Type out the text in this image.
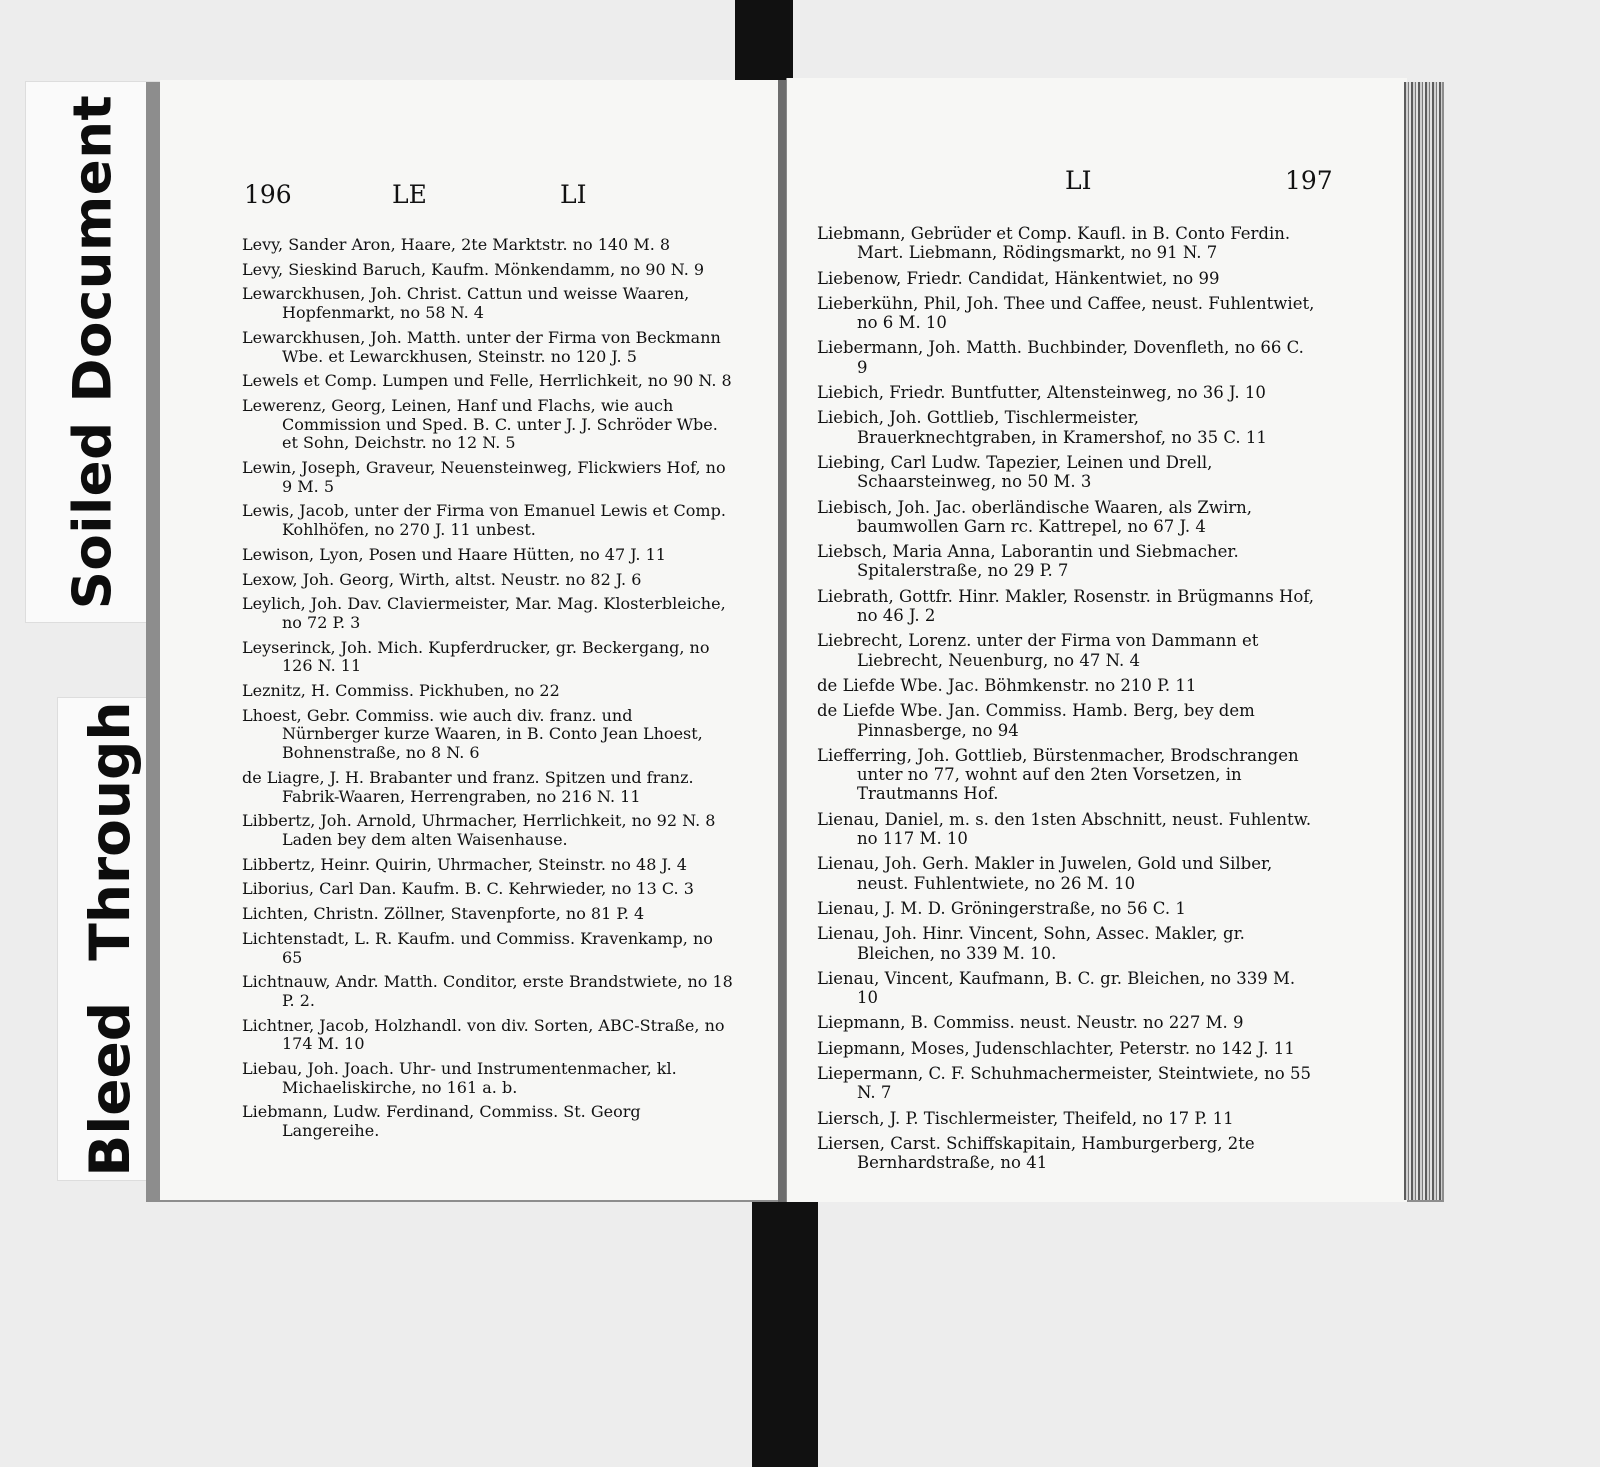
Soiled Document
Bleed Through
196	LE	LI
Levy, Sander Aron, Haare, 2te Marktstr. no 140 M. 8
Levy, Sieskind Baruch, Kaufm. Mönkendamm, no 90 N. 9
Lewarckhusen, Joh. Christ. Cattun und weisse Waaren, Hopfenmarkt, no 58 N. 4
Lewarckhusen, Joh. Matth. unter der Firma von Beckmann Wbe. et Lewarckhusen, Steinstr. no 120 J. 5
Lewels et Comp. Lumpen und Felle, Herrlichkeit, no 90 N. 8
Lewerenz, Georg, Leinen, Hanf und Flachs, wie auch Commission und Sped. B. C. unter J. J. Schröder Wbe. et Sohn, Deichstr. no 12 N. 5
Lewin, Joseph, Graveur, Neuensteinweg, Flickwiers Hof, no 9 M. 5
Lewis, Jacob, unter der Firma von Emanuel Lewis et Comp. Kohlhöfen, no 270 J. 11 unbest.
Lewison, Lyon, Posen und Haare Hütten, no 47 J. 11
Lexow, Joh. Georg, Wirth, altst. Neustr. no 82 J. 6
Leylich, Joh. Dav. Claviermeister, Mar. Mag. Klosterbleiche, no 72 P. 3
Leyserinck, Joh. Mich. Kupferdrucker, gr. Beckergang, no 126 N. 11
Leznitz, H. Commiss. Pickhuben, no 22
Lhoest, Gebr. Commiss. wie auch div. franz. und Nürnberger kurze Waaren, in B. Conto Jean Lhoest, Bohnenstraße, no 8 N. 6
de Liagre, J. H. Brabanter und franz. Spitzen und franz. Fabrik-Waaren, Herrengraben, no 216 N. 11
Libbertz, Joh. Arnold, Uhrmacher, Herrlichkeit, no 92 N. 8 Laden bey dem alten Waisenhause.
Libbertz, Heinr. Quirin, Uhrmacher, Steinstr. no 48 J. 4
Liborius, Carl Dan. Kaufm. B. C. Kehrwieder, no 13 C. 3
Lichten, Christn. Zöllner, Stavenpforte, no 81 P. 4
Lichtenstadt, L. R. Kaufm. und Commiss. Kravenkamp, no 65
Lichtnauw, Andr. Matth. Conditor, erste Brandstwiete, no 18 P. 2.
Lichtner, Jacob, Holzhandl. von div. Sorten, ABC-Straße, no 174 M. 10
Liebau, Joh. Joach. Uhr- und Instrumentenmacher, kl. Michaeliskirche, no 161 a. b.
Liebmann, Ludw. Ferdinand, Commiss. St. Georg Langereihe.
LI	197
Liebmann, Gebrüder et Comp. Kaufl. in B. Conto Ferdin. Mart. Liebmann, Rödingsmarkt, no 91 N. 7
Liebenow, Friedr. Candidat, Hänkentwiet, no 99
Lieberkühn, Phil, Joh. Thee und Caffee, neust. Fuhlentwiet, no 6 M. 10
Liebermann, Joh. Matth. Buchbinder, Dovenfleth, no 66 C. 9
Liebich, Friedr. Buntfutter, Altensteinweg, no 36 J. 10
Liebich, Joh. Gottlieb, Tischlermeister, Brauerknechtgraben, in Kramershof, no 35 C. 11
Liebing, Carl Ludw. Tapezier, Leinen und Drell, Schaarsteinweg, no 50 M. 3
Liebisch, Joh. Jac. oberländische Waaren, als Zwirn, baumwollen Garn rc. Kattrepel, no 67 J. 4
Liebsch, Maria Anna, Laborantin und Siebmacher. Spitalerstraße, no 29 P. 7
Liebrath, Gottfr. Hinr. Makler, Rosenstr. in Brügmanns Hof, no 46 J. 2
Liebrecht, Lorenz. unter der Firma von Dammann et Liebrecht, Neuenburg, no 47 N. 4
de Liefde Wbe. Jac. Böhmkenstr. no 210 P. 11
de Liefde Wbe. Jan. Commiss. Hamb. Berg, bey dem Pinnasberge, no 94
Liefferring, Joh. Gottlieb, Bürstenmacher, Brodschrangen unter no 77, wohnt auf den 2ten Vorsetzen, in Trautmanns Hof.
Lienau, Daniel, m. s. den 1sten Abschnitt, neust. Fuhlentw. no 117 M. 10
Lienau, Joh. Gerh. Makler in Juwelen, Gold und Silber, neust. Fuhlentwiete, no 26 M. 10
Lienau, J. M. D. Gröningerstraße, no 56 C. 1
Lienau, Joh. Hinr. Vincent, Sohn, Assec. Makler, gr. Bleichen, no 339 M. 10.
Lienau, Vincent, Kaufmann, B. C. gr. Bleichen, no 339 M. 10
Liepmann, B. Commiss. neust. Neustr. no 227 M. 9
Liepmann, Moses, Judenschlachter, Peterstr. no 142 J. 11
Liepermann, C. F. Schuhmachermeister, Steintwiete, no 55 N. 7
Liersch, J. P. Tischlermeister, Theifeld, no 17 P. 11
Liersen, Carst. Schiffskapitain, Hamburgerberg, 2te Bernhardstraße, no 41
